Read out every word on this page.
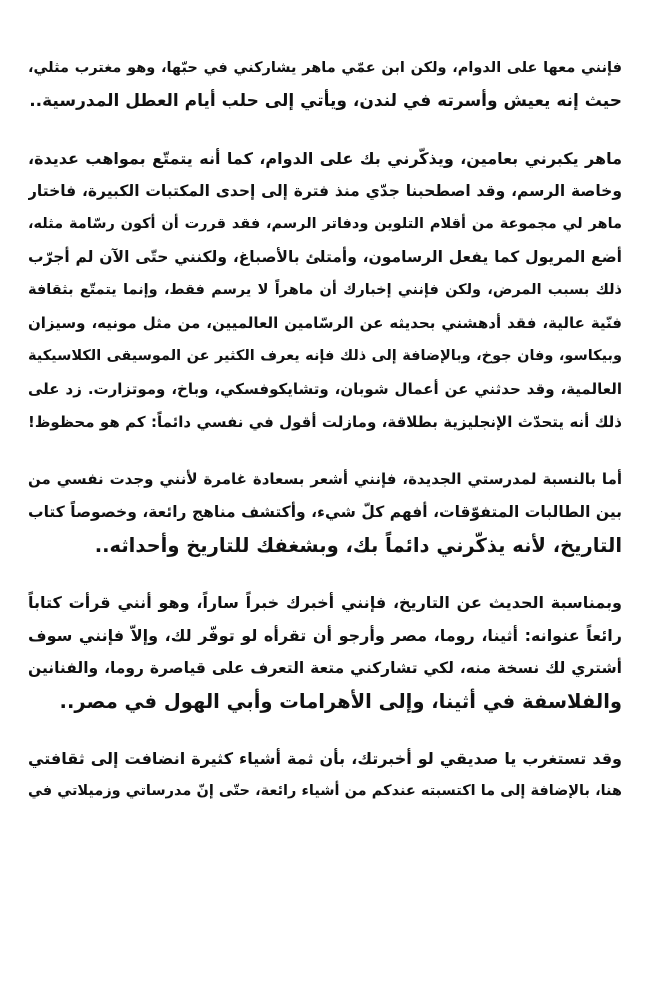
فإنني معها على الدوام، ولكن ابن عمّي ماهر يشاركني في حبّها، وهو مغترب مثلي،
حيث إنه يعيش وأسرته في لندن، ويأتي إلى حلب أيام العطل المدرسية..
ماهر يكبرني بعامين، ويذكّرني بك على الدوام، كما أنه يتمتّع بمواهب عديدة،
وخاصة الرسم، وقد اصطحبنا جدّي منذ فترة إلى إحدى المكتبات الكبيرة، فاختار
ماهر لي مجموعة من أقلام التلوين ودفاتر الرسم، فقد قررت أن أكون رسّامة مثله،
أضع المريول كما يفعل الرسامون، وأمتلئ بالأصباغ، ولكنني حتّى الآن لم أجرّب
ذلك بسبب المرض، ولكن فإنني إخبارك أن ماهراً لا يرسم فقط، وإنما يتمتّع بثقافة
فنّية عالية، فقد أدهشني بحديثه عن الرسّامين العالميين، من مثل مونيه، وسيزان
وبيكاسو، وفان جوخ، وبالإضافة إلى ذلك فإنه يعرف الكثير عن الموسيقى الكلاسيكية
العالمية، وقد حدثني عن أعمال شوبان، وتشايكوفسكي، وباخ، وموتزارت. زد على
ذلك أنه يتحدّث الإنجليزية بطلاقة، ومازلت أقول في نفسي دائماً: كم هو محظوظ!
أما بالنسبة لمدرستي الجديدة، فإنني أشعر بسعادة غامرة لأنني وجدت نفسي من
بين الطالبات المتفوّقات، أفهم كلّ شيء، وأكتشف مناهج رائعة، وخصوصاً كتاب
التاريخ، لأنه يذكّرني دائماً بك، وبشغفك للتاريخ وأحداثه..
وبمناسبة الحديث عن التاريخ، فإنني أخبرك خبراً ساراً، وهو أنني قرأت كتاباً
رائعاً عنوانه: أثينا، روما، مصر وأرجو أن تقرأه لو توفّر لك، وإلاّ فإنني سوف
أشتري لك نسخة منه، لكي تشاركني متعة التعرف على قياصرة روما، والفنانين
والفلاسفة في أثينا، وإلى الأهرامات وأبي الهول في مصر..
وقد تستغرب يا صديقي لو أخبرتك، بأن ثمة أشياء كثيرة انضافت إلى ثقافتي
هنا، بالإضافة إلى ما اكتسبته عندكم من أشياء رائعة، حتّى إنّ مدرساتي وزميلاتي في
